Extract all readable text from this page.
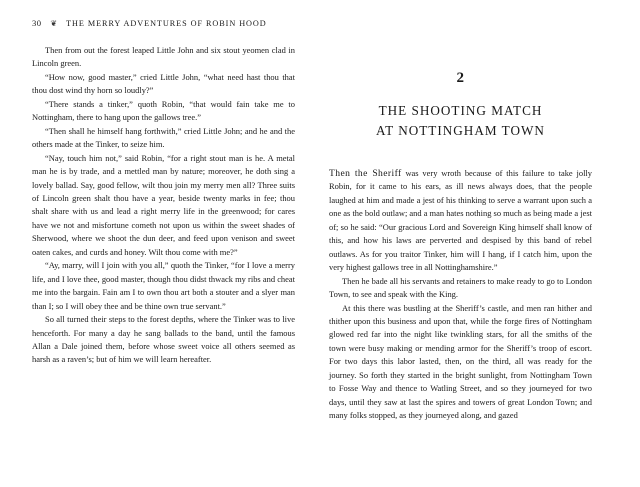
30 ❦ THE MERRY ADVENTURES OF ROBIN HOOD

Then from out the forest leaped Little John and six stout yeomen clad in Lincoln green.

“How now, good master,” cried Little John, “what need hast thou that thou dost wind thy horn so loudly?”

“There stands a tinker,” quoth Robin, “that would fain take me to Nottingham, there to hang upon the gallows tree.”

“Then shall he himself hang forthwith,” cried Little John; and he and the others made at the Tinker, to seize him.

“Nay, touch him not,” said Robin, “for a right stout man is he. A metal man he is by trade, and a mettled man by nature; moreover, he doth sing a lovely ballad. Say, good fellow, wilt thou join my merry men all? Three suits of Lincoln green shalt thou have a year, beside twenty marks in fee; thou shalt share with us and lead a right merry life in the greenwood; for cares have we not and misfortune cometh not upon us within the sweet shades of Sherwood, where we shoot the dun deer, and feed upon venison and sweet oaten cakes, and curds and honey. Wilt thou come with me?”

“Ay, marry, will I join with you all,” quoth the Tinker, “for I love a merry life, and I love thee, good master, though thou didst thwack my ribs and cheat me into the bargain. Fain am I to own thou art both a stouter and a slyer man than I; so I will obey thee and be thine own true servant.”

So all turned their steps to the forest depths, where the Tinker was to live henceforth. For many a day he sang ballads to the band, until the famous Allan a Dale joined them, before whose sweet voice all others seemed as harsh as a raven’s; but of him we will learn hereafter.

2
THE SHOOTING MATCH
AT NOTTINGHAM TOWN

Then the Sheriff was very wroth because of this failure to take jolly Robin, for it came to his ears, as ill news always does, that the people laughed at him and made a jest of his thinking to serve a warrant upon such a one as the bold outlaw; and a man hates nothing so much as being made a jest of; so he said: “Our gracious Lord and Sovereign King himself shall know of this, and how his laws are perverted and despised by this band of rebel outlaws. As for you traitor Tinker, him will I hang, if I catch him, upon the very highest gallows tree in all Nottinghamshire.”

Then he bade all his servants and retainers to make ready to go to London Town, to see and speak with the King.

At this there was bustling at the Sheriff’s castle, and men ran hither and thither upon this business and upon that, while the forge fires of Nottingham glowed red far into the night like twinkling stars, for all the smiths of the town were busy making or mending armor for the Sheriff’s troop of escort. For two days this labor lasted, then, on the third, all was ready for the journey. So forth they started in the bright sunlight, from Nottingham Town to Fosse Way and thence to Watling Street, and so they journeyed for two days, until they saw at last the spires and towers of great London Town; and many folks stopped, as they journeyed along, and gazed
